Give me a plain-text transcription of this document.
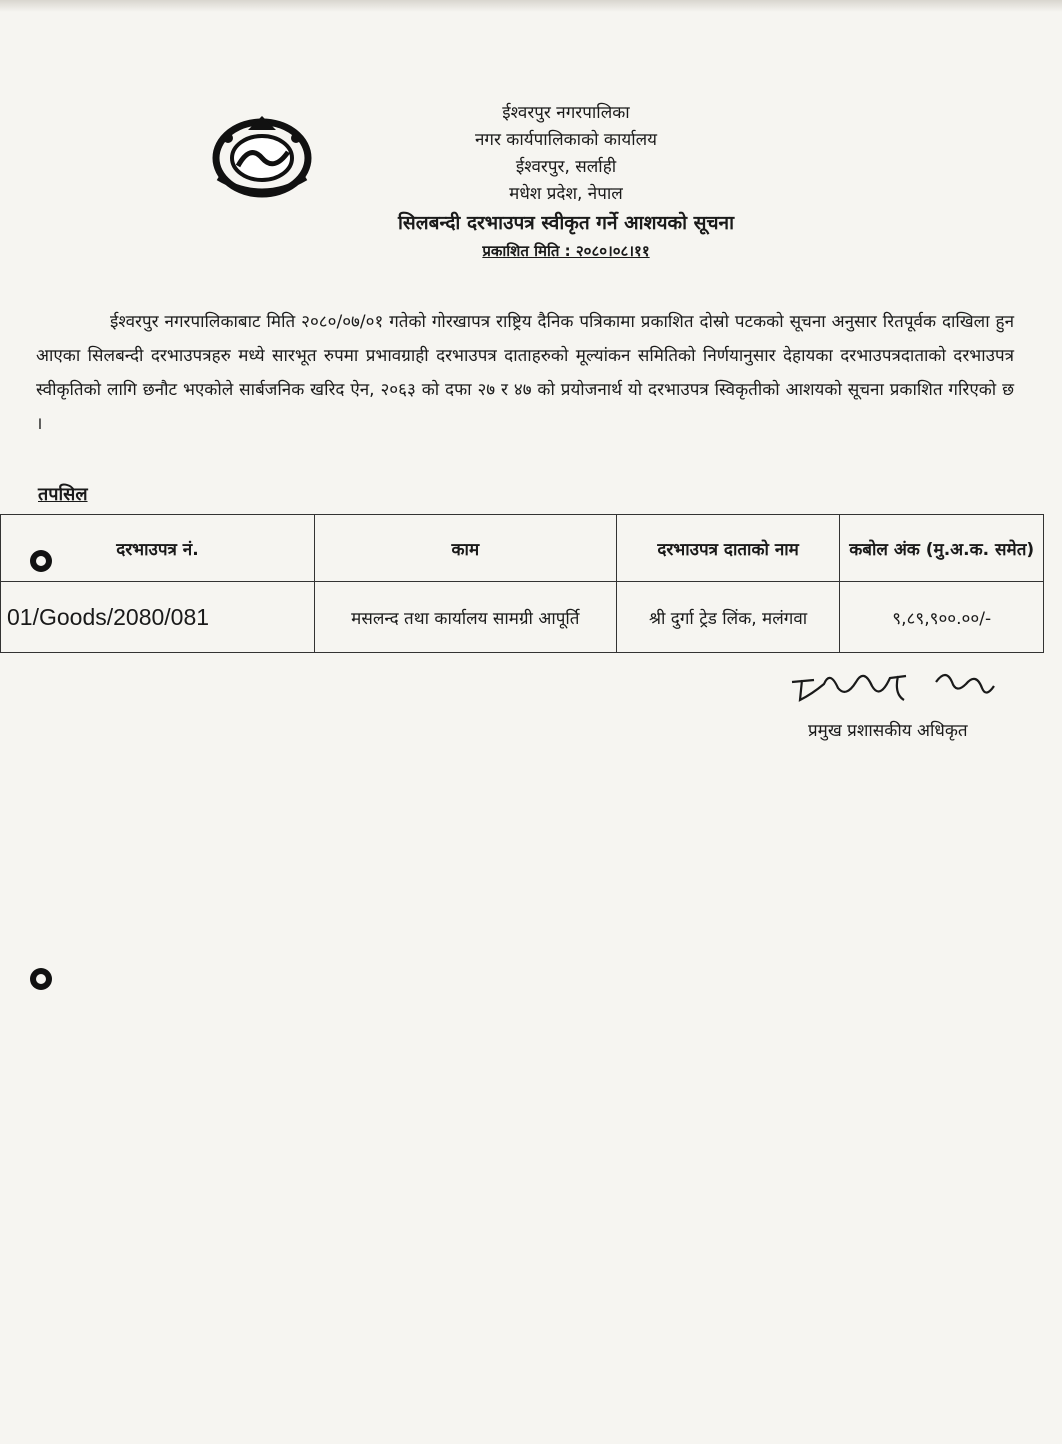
ईश्वरपुर नगरपालिका
नगर कार्यपालिकाको कार्यालय
ईश्वरपुर, सर्लाही
मधेश प्रदेश, नेपाल
सिलबन्दी दरभाउपत्र स्वीकृत गर्ने आशयको सूचना
प्रकाशित मिति : २०८०।०८।११

ईश्वरपुर नगरपालिकाबाट मिति २०८०/०७/०१ गतेको गोरखापत्र राष्ट्रिय दैनिक पत्रिकामा प्रकाशित दोस्रो पटकको सूचना अनुसार रितपूर्वक दाखिला हुन आएका सिलबन्दी दरभाउपत्रहरु मध्ये सारभूत रुपमा प्रभावग्राही दरभाउपत्र दाताहरुको मूल्यांकन समितिको निर्णयानुसार देहायका दरभाउपत्रदाताको दरभाउपत्र स्वीकृतिको लागि छनौट भएकोले सार्बजनिक खरिद ऐन, २०६३ को दफा २७ र ४७ को प्रयोजनार्थ यो दरभाउपत्र स्विकृतीको आशयको सूचना प्रकाशित गरिएको छ ।

तपसिल
दरभाउपत्र नं.	काम	दरभाउपत्र दाताको नाम	कबोल अंक (मु.अ.क. समेत)
01/Goods/2080/081	मसलन्द तथा कार्यालय सामग्री आपूर्ति	श्री दुर्गा ट्रेड लिंक, मलंगवा	९,८९,९००.००/-
प्रमुख प्रशासकीय अधिकृत
